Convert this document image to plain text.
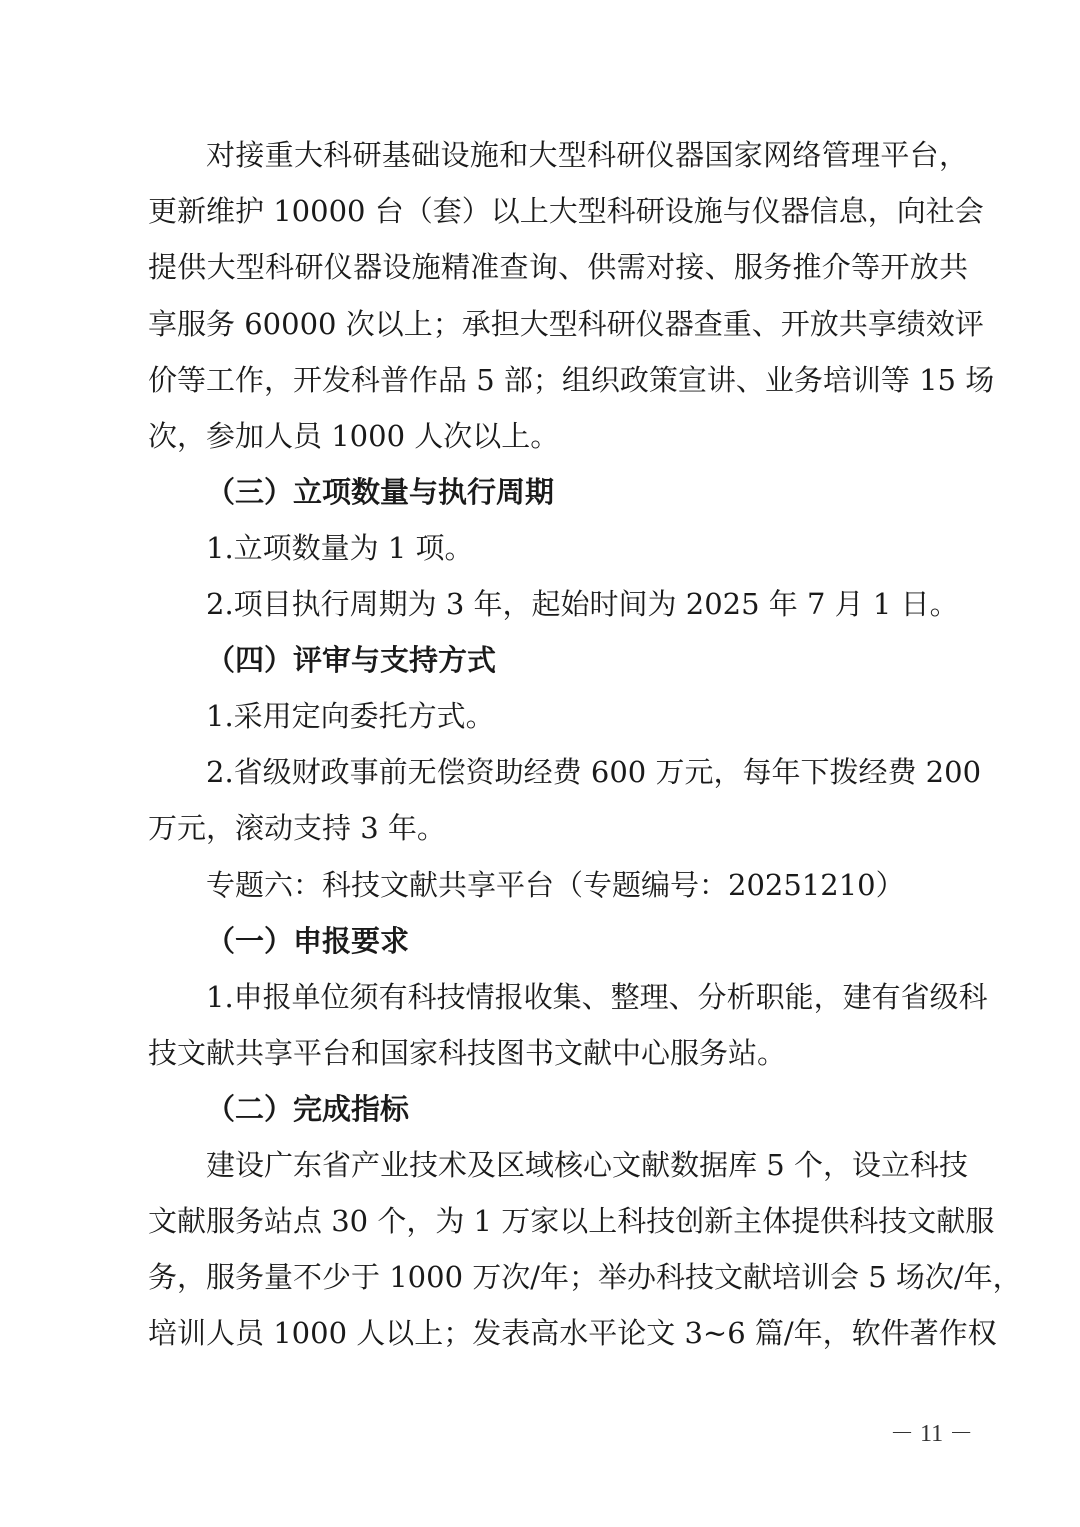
对接重大科研基础设施和大型科研仪器国家网络管理平台，
更新维护 10000 台（套）以上大型科研设施与仪器信息，向社会
提供大型科研仪器设施精准查询、供需对接、服务推介等开放共
享服务 60000 次以上；承担大型科研仪器查重、开放共享绩效评
价等工作，开发科普作品 5 部；组织政策宣讲、业务培训等 15 场
次，参加人员 1000 人次以上。
（三）立项数量与执行周期
1.立项数量为 1 项。
2.项目执行周期为 3 年，起始时间为 2025 年 7 月 1 日。
（四）评审与支持方式
1.采用定向委托方式。
2.省级财政事前无偿资助经费 600 万元，每年下拨经费 200
万元，滚动支持 3 年。
专题六：科技文献共享平台（专题编号：20251210）
（一）申报要求
1.申报单位须有科技情报收集、整理、分析职能，建有省级科
技文献共享平台和国家科技图书文献中心服务站。
（二）完成指标
建设广东省产业技术及区域核心文献数据库 5 个，设立科技
文献服务站点 30 个，为 1 万家以上科技创新主体提供科技文献服
务，服务量不少于 1000 万次/年；举办科技文献培训会 5 场次/年，
培训人员 1000 人以上；发表高水平论文 3~6 篇/年，软件著作权
－ 11 －
